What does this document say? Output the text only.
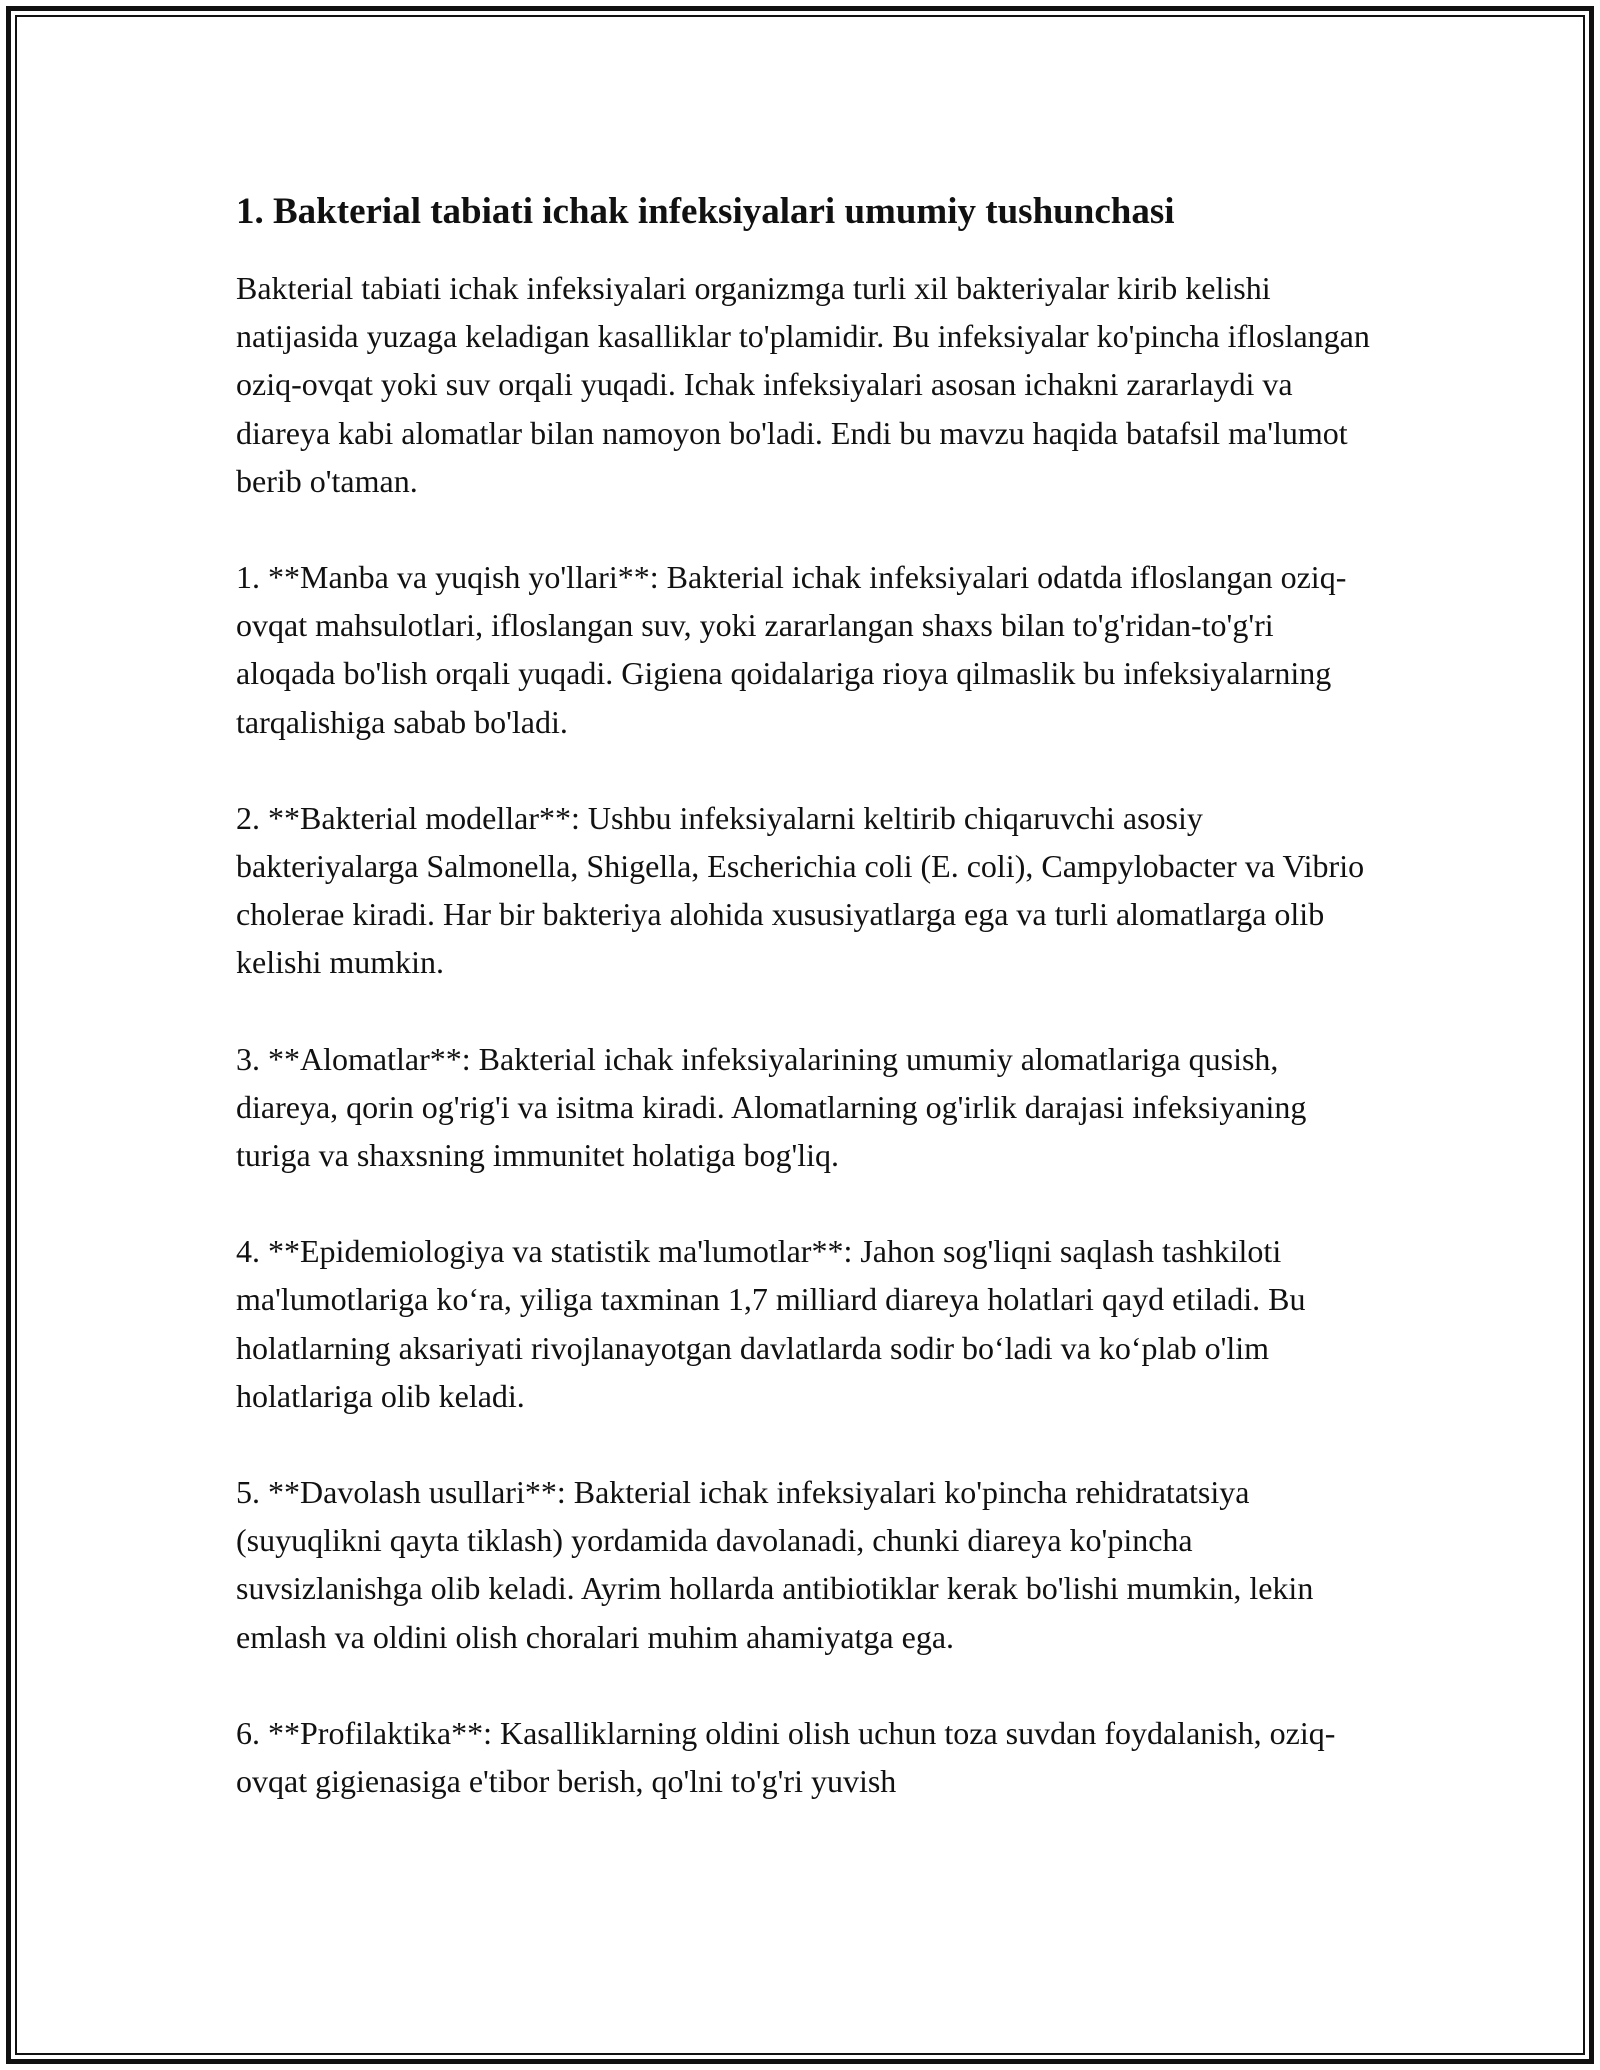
1. Bakterial tabiati ichak infeksiyalari umumiy tushunchasi

Bakterial tabiati ichak infeksiyalari organizmga turli xil bakteriyalar kirib kelishi natijasida yuzaga keladigan kasalliklar to'plamidir. Bu infeksiyalar ko'pincha ifloslangan oziq-ovqat yoki suv orqali yuqadi. Ichak infeksiyalari asosan ichakni zararlaydi va diareya kabi alomatlar bilan namoyon bo'ladi. Endi bu mavzu haqida batafsil ma'lumot berib o'taman.

1. **Manba va yuqish yo'llari**: Bakterial ichak infeksiyalari odatda ifloslangan oziq-ovqat mahsulotlari, ifloslangan suv, yoki zararlangan shaxs bilan to'g'ridan-to'g'ri aloqada bo'lish orqali yuqadi. Gigiena qoidalariga rioya qilmaslik bu infeksiyalarning tarqalishiga sabab bo'ladi.

2. **Bakterial modellar**: Ushbu infeksiyalarni keltirib chiqaruvchi asosiy bakteriyalarga Salmonella, Shigella, Escherichia coli (E. coli), Campylobacter va Vibrio cholerae kiradi. Har bir bakteriya alohida xususiyatlarga ega va turli alomatlarga olib kelishi mumkin.

3. **Alomatlar**: Bakterial ichak infeksiyalarining umumiy alomatlariga qusish, diareya, qorin og'rig'i va isitma kiradi. Alomatlarning og'irlik darajasi infeksiyaning turiga va shaxsning immunitet holatiga bog'liq.

4. **Epidemiologiya va statistik ma'lumotlar**: Jahon sog'liqni saqlash tashkiloti ma'lumotlariga ko‘ra, yiliga taxminan 1,7 milliard diareya holatlari qayd etiladi. Bu holatlarning aksariyati rivojlanayotgan davlatlarda sodir bo‘ladi va ko‘plab o'lim holatlariga olib keladi.

5. **Davolash usullari**: Bakterial ichak infeksiyalari ko'pincha rehidratatsiya (suyuqlikni qayta tiklash) yordamida davolanadi, chunki diareya ko'pincha suvsizlanishga olib keladi. Ayrim hollarda antibiotiklar kerak bo'lishi mumkin, lekin emlash va oldini olish choralari muhim ahamiyatga ega.

6. **Profilaktika**: Kasalliklarning oldini olish uchun toza suvdan foydalanish, oziq-ovqat gigienasiga e'tibor berish, qo'lni to'g'ri yuvish
